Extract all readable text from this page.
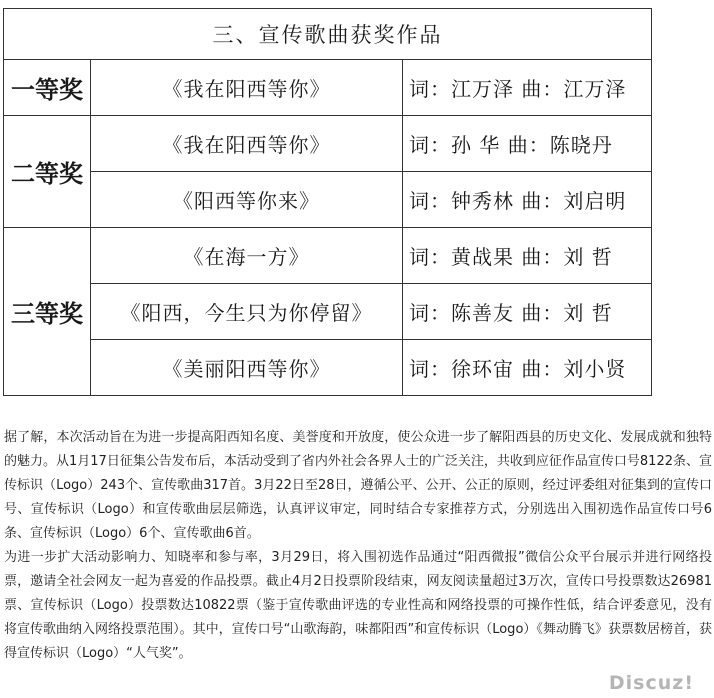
三、宣传歌曲获奖作品		
一等奖	《我在阳西等你》	词：江万泽 曲：江万泽
二等奖	《我在阳西等你》	词：孙 华 曲：陈晓丹
	《阳西等你来》	词：钟秀林 曲：刘启明
三等奖	《在海一方》	词：黄战果 曲：刘 哲
	《阳西，今生只为你停留》	词：陈善友 曲：刘 哲
	《美丽阳西等你》	词：徐环宙 曲：刘小贤

据了解，本次活动旨在为进一步提高阳西知名度、美誉度和开放度，使公众进一步了解阳西县的历史文化、发展成就和独特的魅力。从1月17日征集公告发布后，本活动受到了省内外社会各界人士的广泛关注，共收到应征作品宣传口号8122条、宣传标识（Logo）243个、宣传歌曲317首。3月22日至28日，遵循公平、公开、公正的原则，经过评委组对征集到的宣传口号、宣传标识（Logo）和宣传歌曲层层筛选，认真评议审定，同时结合专家推荐方式，分别选出入围初选作品宣传口号6条、宣传标识（Logo）6个、宣传歌曲6首。

为进一步扩大活动影响力、知晓率和参与率，3月29日，将入围初选作品通过“阳西微报”微信公众平台展示并进行网络投票，邀请全社会网友一起为喜爱的作品投票。截止4月2日投票阶段结束，网友阅读量超过3万次，宣传口号投票数达26981票、宣传标识（Logo）投票数达10822票（鉴于宣传歌曲评选的专业性高和网络投票的可操作性低，结合评委意见，没有将宣传歌曲纳入网络投票范围）。其中，宣传口号“山歌海韵，味都阳西”和宣传标识（Logo）《舞动腾飞》获票数居榜首，获得宣传标识（Logo）“人气奖”。

Discuz!
